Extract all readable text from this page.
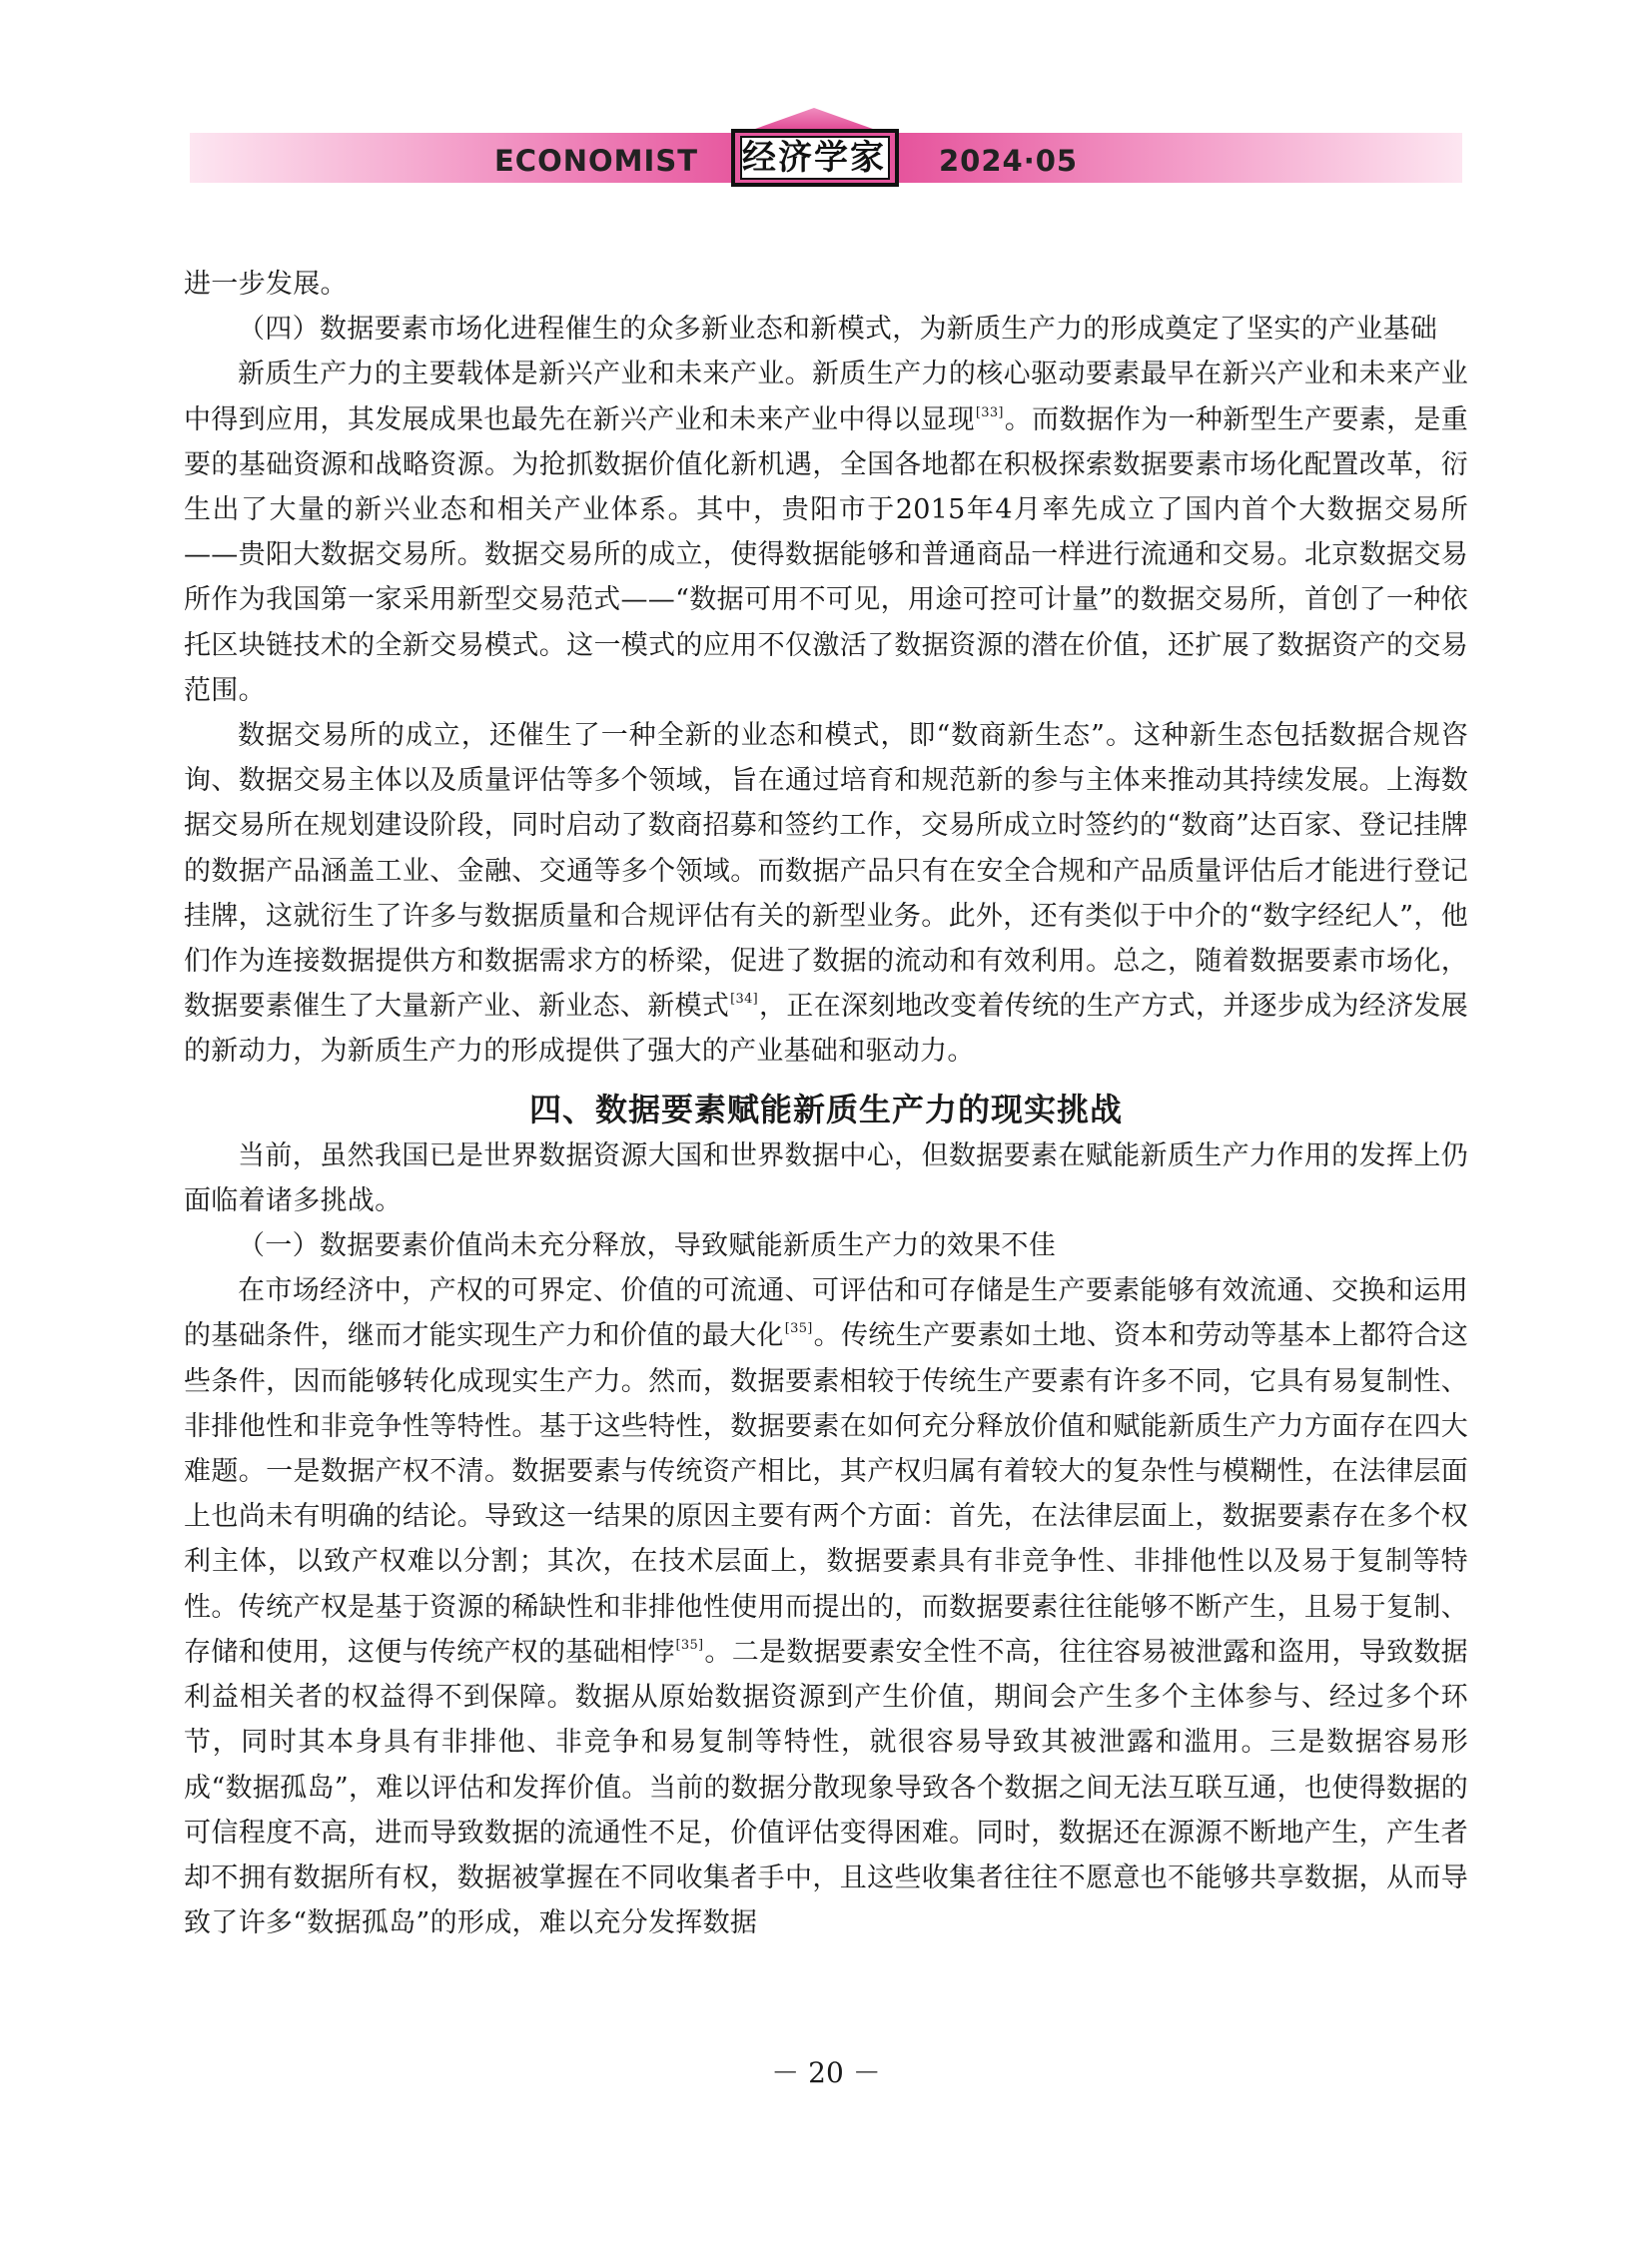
ECONOMIST 经济学家 2024·05

进一步发展。

（四）数据要素市场化进程催生的众多新业态和新模式，为新质生产力的形成奠定了坚实的产业基础

新质生产力的主要载体是新兴产业和未来产业。新质生产力的核心驱动要素最早在新兴产业和未来产业中得到应用，其发展成果也最先在新兴产业和未来产业中得以显现[33]。而数据作为一种新型生产要素，是重要的基础资源和战略资源。为抢抓数据价值化新机遇，全国各地都在积极探索数据要素市场化配置改革，衍生出了大量的新兴业态和相关产业体系。其中，贵阳市于2015年4月率先成立了国内首个大数据交易所——贵阳大数据交易所。数据交易所的成立，使得数据能够和普通商品一样进行流通和交易。北京数据交易所作为我国第一家采用新型交易范式——“数据可用不可见，用途可控可计量”的数据交易所，首创了一种依托区块链技术的全新交易模式。这一模式的应用不仅激活了数据资源的潜在价值，还扩展了数据资产的交易范围。

数据交易所的成立，还催生了一种全新的业态和模式，即“数商新生态”。这种新生态包括数据合规咨询、数据交易主体以及质量评估等多个领域，旨在通过培育和规范新的参与主体来推动其持续发展。上海数据交易所在规划建设阶段，同时启动了数商招募和签约工作，交易所成立时签约的“数商”达百家、登记挂牌的数据产品涵盖工业、金融、交通等多个领域。而数据产品只有在安全合规和产品质量评估后才能进行登记挂牌，这就衍生了许多与数据质量和合规评估有关的新型业务。此外，还有类似于中介的“数字经纪人”，他们作为连接数据提供方和数据需求方的桥梁，促进了数据的流动和有效利用。总之，随着数据要素市场化，数据要素催生了大量新产业、新业态、新模式[34]，正在深刻地改变着传统的生产方式，并逐步成为经济发展的新动力，为新质生产力的形成提供了强大的产业基础和驱动力。

四、数据要素赋能新质生产力的现实挑战

当前，虽然我国已是世界数据资源大国和世界数据中心，但数据要素在赋能新质生产力作用的发挥上仍面临着诸多挑战。

（一）数据要素价值尚未充分释放，导致赋能新质生产力的效果不佳

在市场经济中，产权的可界定、价值的可流通、可评估和可存储是生产要素能够有效流通、交换和运用的基础条件，继而才能实现生产力和价值的最大化[35]。传统生产要素如土地、资本和劳动等基本上都符合这些条件，因而能够转化成现实生产力。然而，数据要素相较于传统生产要素有许多不同，它具有易复制性、非排他性和非竞争性等特性。基于这些特性，数据要素在如何充分释放价值和赋能新质生产力方面存在四大难题。一是数据产权不清。数据要素与传统资产相比，其产权归属有着较大的复杂性与模糊性，在法律层面上也尚未有明确的结论。导致这一结果的原因主要有两个方面：首先，在法律层面上，数据要素存在多个权利主体，以致产权难以分割；其次，在技术层面上，数据要素具有非竞争性、非排他性以及易于复制等特性。传统产权是基于资源的稀缺性和非排他性使用而提出的，而数据要素往往能够不断产生，且易于复制、存储和使用，这便与传统产权的基础相悖[35]。二是数据要素安全性不高，往往容易被泄露和盗用，导致数据利益相关者的权益得不到保障。数据从原始数据资源到产生价值，期间会产生多个主体参与、经过多个环节，同时其本身具有非排他、非竞争和易复制等特性，就很容易导致其被泄露和滥用。三是数据容易形成“数据孤岛”，难以评估和发挥价值。当前的数据分散现象导致各个数据之间无法互联互通，也使得数据的可信程度不高，进而导致数据的流通性不足，价值评估变得困难。同时，数据还在源源不断地产生，产生者却不拥有数据所有权，数据被掌握在不同收集者手中，且这些收集者往往不愿意也不能够共享数据，从而导致了许多“数据孤岛”的形成，难以充分发挥数据

－ 20 －
